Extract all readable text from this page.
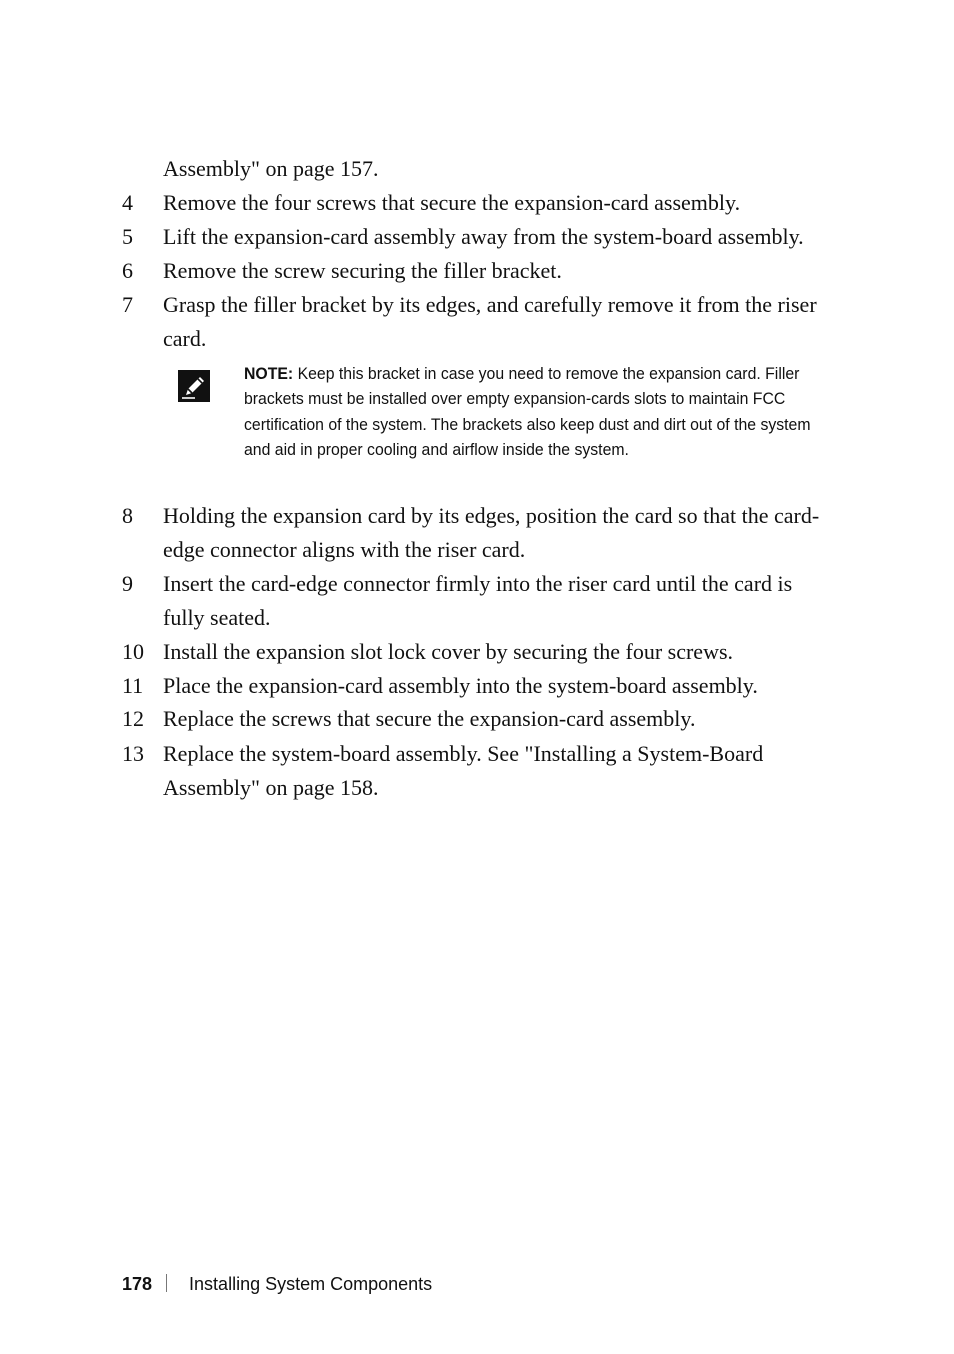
Assembly" on page 157.
4 Remove the four screws that secure the expansion-card assembly.
5 Lift the expansion-card assembly away from the system-board assembly.
6 Remove the screw securing the filler bracket.
7 Grasp the filler bracket by its edges, and carefully remove it from the riser card.
NOTE: Keep this bracket in case you need to remove the expansion card. Filler brackets must be installed over empty expansion-cards slots to maintain FCC certification of the system. The brackets also keep dust and dirt out of the system and aid in proper cooling and airflow inside the system.
8 Holding the expansion card by its edges, position the card so that the card-edge connector aligns with the riser card.
9 Insert the card-edge connector firmly into the riser card until the card is fully seated.
10 Install the expansion slot lock cover by securing the four screws.
11 Place the expansion-card assembly into the system-board assembly.
12 Replace the screws that secure the expansion-card assembly.
13 Replace the system-board assembly. See "Installing a System-Board Assembly" on page 158.
178 Installing System Components
